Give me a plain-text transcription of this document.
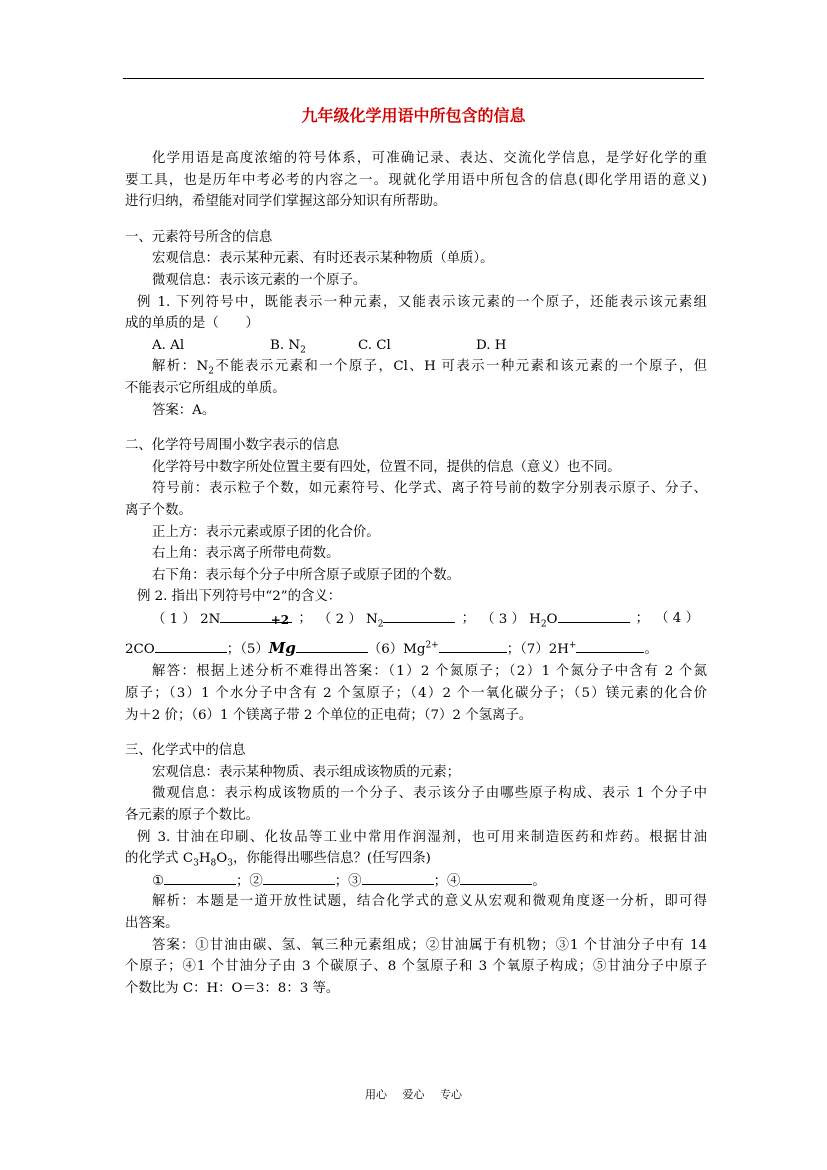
九年级化学用语中所包含的信息
化学用语是高度浓缩的符号体系，可准确记录、表达、交流化学信息，是学好化学的重
要工具，也是历年中考必考的内容之一。现就化学用语中所包含的信息(即化学用语的意义)
进行归纳，希望能对同学们掌握这部分知识有所帮助。
一、元素符号所含的信息
宏观信息：表示某种元素、有时还表示某种物质（单质）。
微观信息：表示该元素的一个原子。
例 1. 下列符号中，既能表示一种元素，又能表示该元素的一个原子，还能表示该元素组
成的单质的是（　　）
A. Al	B. $N_2$	C. Cl	D. H
解析：$N_2$不能表示元素和一个原子，Cl、H 可表示一种元素和该元素的一个原子，但
不能表示它所组成的单质。
答案：A。
二、化学符号周围小数字表示的信息
化学符号中数字所处位置主要有四处，位置不同，提供的信息（意义）也不同。
符号前：表示粒子个数，如元素符号、化学式、离子符号前的数字分别表示原子、分子、
离子个数。
正上方：表示元素或原子团的化合价。
右上角：表示离子所带电荷数。
右下角：表示每个分子中所含原子或原子团的个数。
例 2. 指出下列符号中“2”的含义：
（ 1 ） 2N	； （ 2 ） $N_2$	； （ 3 ） $H_2O$	； （ 4 ）
2CO	；（5）
+2
Mg	$(6)Mg^{2+}$	；（7）2H+	。
解答：根据上述分析不难得出答案：（1）2 个氮原子；（2）1 个氮分子中含有 2 个氮
原子；（3）1 个水分子中含有 2 个氢原子；（4）2 个一氧化碳分子；（5）镁元素的化合价
为＋2 价；（6）1 个镁离子带 2 个单位的正电荷；（7）2 个氢离子。
三、化学式中的信息
宏观信息：表示某种物质、表示组成该物质的元素；
微观信息：表示构成该物质的一个分子、表示该分子由哪些原子构成、表示 1 个分子中
各元素的原子个数比。
例 3. 甘油在印刷、化妆品等工业中常用作润湿剂，也可用来制造医药和炸药。根据甘油
的化学式 $C_3H_8O_3$，你能得出哪些信息？(任写四条)
①	；②	；③	；④	。
解析：本题是一道开放性试题，结合化学式的意义从宏观和微观角度逐一分析，即可得
出答案。
答案：①甘油由碳、氢、氧三种元素组成；②甘油属于有机物；③1 个甘油分子中有 14
个原子；④1 个甘油分子由 3 个碳原子、8 个氢原子和 3 个氧原子构成；⑤甘油分子中原子
个数比为 C：H：O＝3：8：3 等。
用心 爱心 专心
